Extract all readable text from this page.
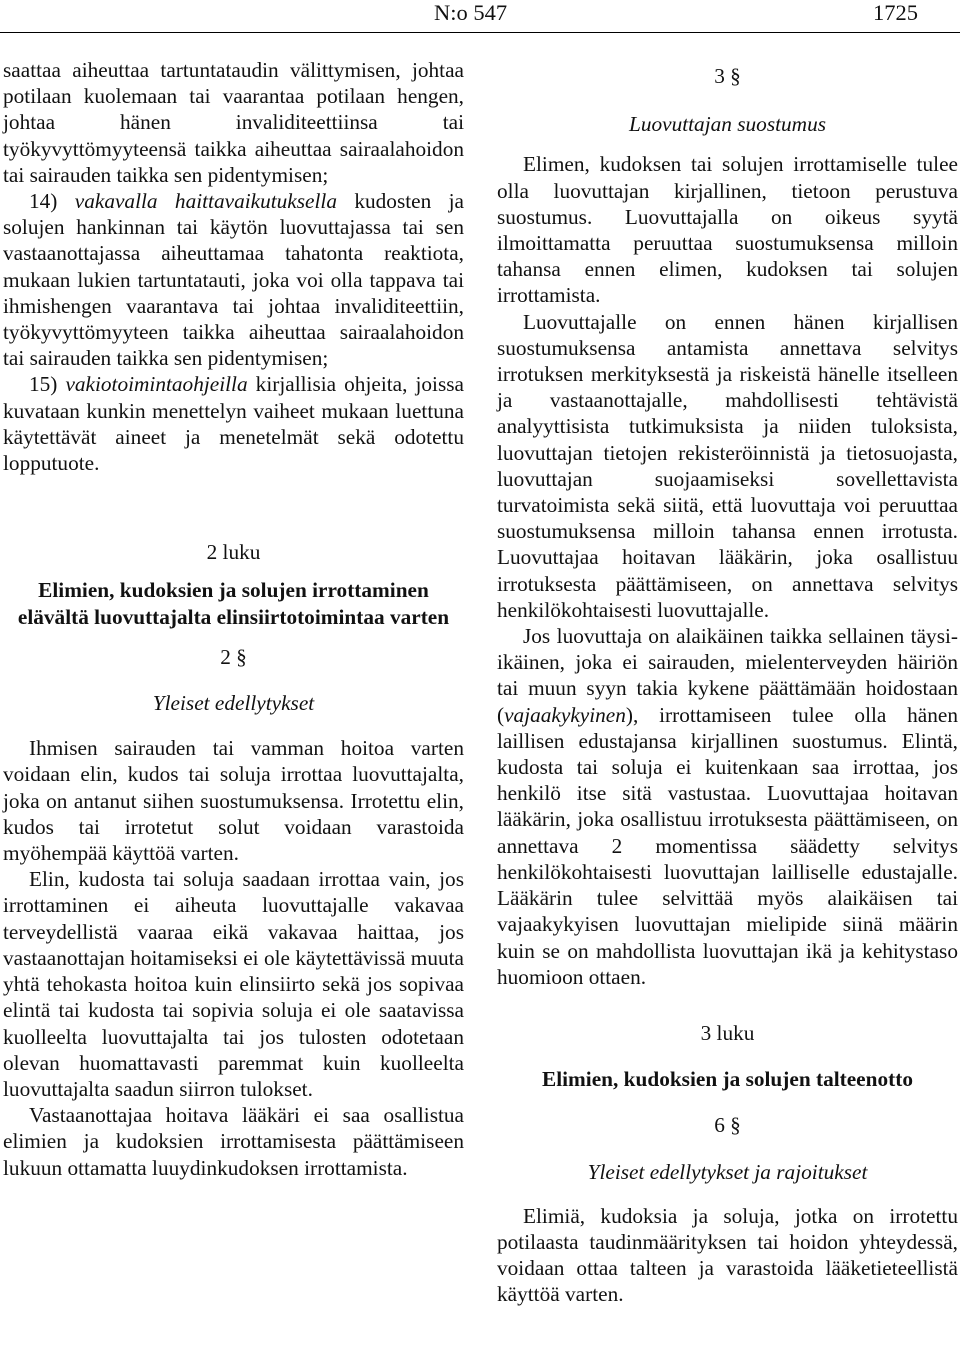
N:o 547	1725

saattaa aiheuttaa tartuntataudin välittymisen, johtaa potilaan kuolemaan tai vaarantaa potilaan hengen, johtaa hänen invaliditeettiinsa tai työkyvyttömyyteensä taikka aiheuttaa sairaalahoidon tai sairauden taikka sen pidentymisen;

14) vakavalla haittavaikutuksella kudosten ja solujen hankinnan tai käytön luovuttajassa tai sen vastaanottajassa aiheuttamaa tahatonta reaktiota, mukaan lukien tartuntatauti, joka voi olla tappava tai ihmishengen vaarantava tai johtaa invaliditeettiin, työkyvyttömyyteen taikka aiheuttaa sairaalahoidon tai sairauden taikka sen pidentymisen;

15) vakiotoimintaohjeilla kirjallisia ohjeita, joissa kuvataan kunkin menettelyn vaiheet mukaan luettuna käytettävät aineet ja menetelmät sekä odotettu lopputuote.

2 luku
Elimien, kudoksien ja solujen irrottaminen elävältä luovuttajalta elinsiirtotoimintaa varten
2 §
Yleiset edellytykset

Ihmisen sairauden tai vamman hoitoa varten voidaan elin, kudos tai soluja irrottaa luovuttajalta, joka on antanut siihen suostumuksensa. Irrotettu elin, kudos tai irrotetut solut voidaan varastoida myöhempää käyttöä varten.

Elin, kudosta tai soluja saadaan irrottaa vain, jos irrottaminen ei aiheuta luovuttajalle vakavaa terveydellistä vaaraa eikä vakavaa haittaa, jos vastaanottajan hoitamiseksi ei ole käytettävissä muuta yhtä tehokasta hoitoa kuin elinsiirto sekä jos sopivaa elintä tai kudosta tai sopivia soluja ei ole saatavissa kuolleelta luovuttajalta tai jos tulosten odotetaan olevan huomattavasti paremmat kuin kuolleelta luovuttajalta saadun siirron tulokset.

Vastaanottajaa hoitava lääkäri ei saa osallistua elimien ja kudoksien irrottamisesta päättämiseen lukuun ottamatta luuydinkudoksen irrottamista.

3 §
Luovuttajan suostumus

Elimen, kudoksen tai solujen irrottamiselle tulee olla luovuttajan kirjallinen, tietoon perustuva suostumus. Luovuttajalla on oikeus syytä ilmoittamatta peruuttaa suostumuksensa milloin tahansa ennen elimen, kudoksen tai solujen irrottamista.

Luovuttajalle on ennen hänen kirjallisen suostumuksensa antamista annettava selvitys irrotuksen merkityksestä ja riskeistä hänelle itselleen ja vastaanottajalle, mahdollisesti tehtävistä analyyttisista tutkimuksista ja niiden tuloksista, luovuttajan tietojen rekisteröinnistä ja tietosuojasta, luovuttajan suojaamiseksi sovellettavista turvatoimista sekä siitä, että luovuttaja voi peruuttaa suostumuksensa milloin tahansa ennen irrotusta. Luovuttajaa hoitavan lääkärin, joka osallistuu irrotuksesta päättämiseen, on annettava selvitys henkilökohtaisesti luovuttajalle.

Jos luovuttaja on alaikäinen taikka sellainen täysi-ikäinen, joka ei sairauden, mielenterveyden häiriön tai muun syyn takia kykene päättämään hoidostaan (vajaakykyinen), irrottamiseen tulee olla hänen laillisen edustajansa kirjallinen suostumus. Elintä, kudosta tai soluja ei kuitenkaan saa irrottaa, jos henkilö itse sitä vastustaa. Luovuttajaa hoitavan lääkärin, joka osallistuu irrotuksesta päättämiseen, on annettava 2 momentissa säädetty selvitys henkilökohtaisesti luovuttajan lailliselle edustajalle. Lääkärin tulee selvittää myös alaikäisen tai vajaakykyisen luovuttajan mielipide siinä määrin kuin se on mahdollista luovuttajan ikä ja kehitystaso huomioon ottaen.

3 luku
Elimien, kudoksien ja solujen talteenotto
6 §
Yleiset edellytykset ja rajoitukset

Elimiä, kudoksia ja soluja, jotka on irrotettu potilaasta taudinmäärityksen tai hoidon yhteydessä, voidaan ottaa talteen ja varastoida lääketieteellistä käyttöä varten.
